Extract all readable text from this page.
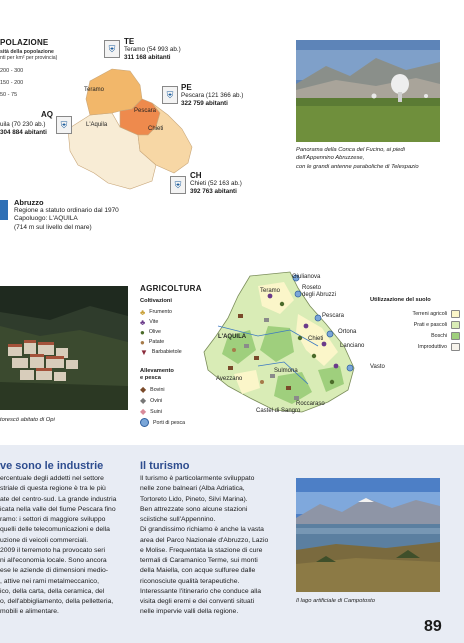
POLAZIONE
sità della popolazione
nti per km² per provincia)
200 - 300
150 - 200
50 - 75
Teramo
Pescara
Chieti
L'Aquila
⛨
TE
Teramo (54 993 ab.)
311 168 abitanti
⛨
PE
Pescara (121 366 ab.)
322 759 abitanti
AQ
⛨
uila (70 230 ab.)
304 884 abitanti
⛨
CH
Chieti (52 163 ab.)
392 763 abitanti
Abruzzo
Regione a statuto ordinario dal 1970
Capoluogo: L'AQUILA
(714 m sul livello del mare)
Panorama della Conca del Fucino, ai piedi
dell'Appennino Abruzzese,
con le grandi antenne paraboliche di Telespazio
torescö abitato di Opi
AGRICOLTURA
Coltivazioni
♣ Frumento
♣ Vite
● Olive
● Patate
▼ Barbabietole
Allevamento
e pesca
◆ Bovini
◆ Ovini
◆ Suini
Porti di pesca
Giulianova
Roseto
degli Abruzzi
Teramo
Pescara
Ortona
Chieti
Lanciano
L'AQUILA
Vasto
Sulmona
Avezzano
Roccaraso
Castel di Sangro
Utilizzazione del suolo
Terreni agricoli
Prati e pascoli
Boschi
Improduttivo
ve sono le industrie
ercentuale degli addetti nel settore
striale di questa regione è tra le più
ate del centro-sud. La grande industria
icata nella valle del fiume Pescara fino
ramo: i settori di maggiore sviluppo
quelli delle telecomunicazioni e della
uzione di veicoli commerciali.
2009 il terremoto ha provocato seri
ni all'economia locale. Sono ancora
ese le aziende di dimensioni medio-
, attive nei rami metalmeccanico,
ico, della carta, della ceramica, del
o, dell'abbigliamento, della pelletteria,
mobili e alimentare.
Il turismo
Il turismo è particolarmente sviluppato
nelle zone balneari (Alba Adriatica,
Tortoreto Lido, Pineto, Silvi Marina).
Ben attrezzate sono alcune stazioni
sciistiche sull'Appennino.
Di grandissimo richiamo è anche la vasta
area del Parco Nazionale d'Abruzzo, Lazio
e Molise. Frequentata la stazione di cure
termali di Caramanico Terme, sui monti
della Maiella, con acque sulfuree dalle
riconosciute qualità terapeutiche.
Interessante l'itinerario che conduce alla
visita degli eremi e dei conventi situati
nelle impervie valli della regione.
Il lago artificiale di Campotosto
89
